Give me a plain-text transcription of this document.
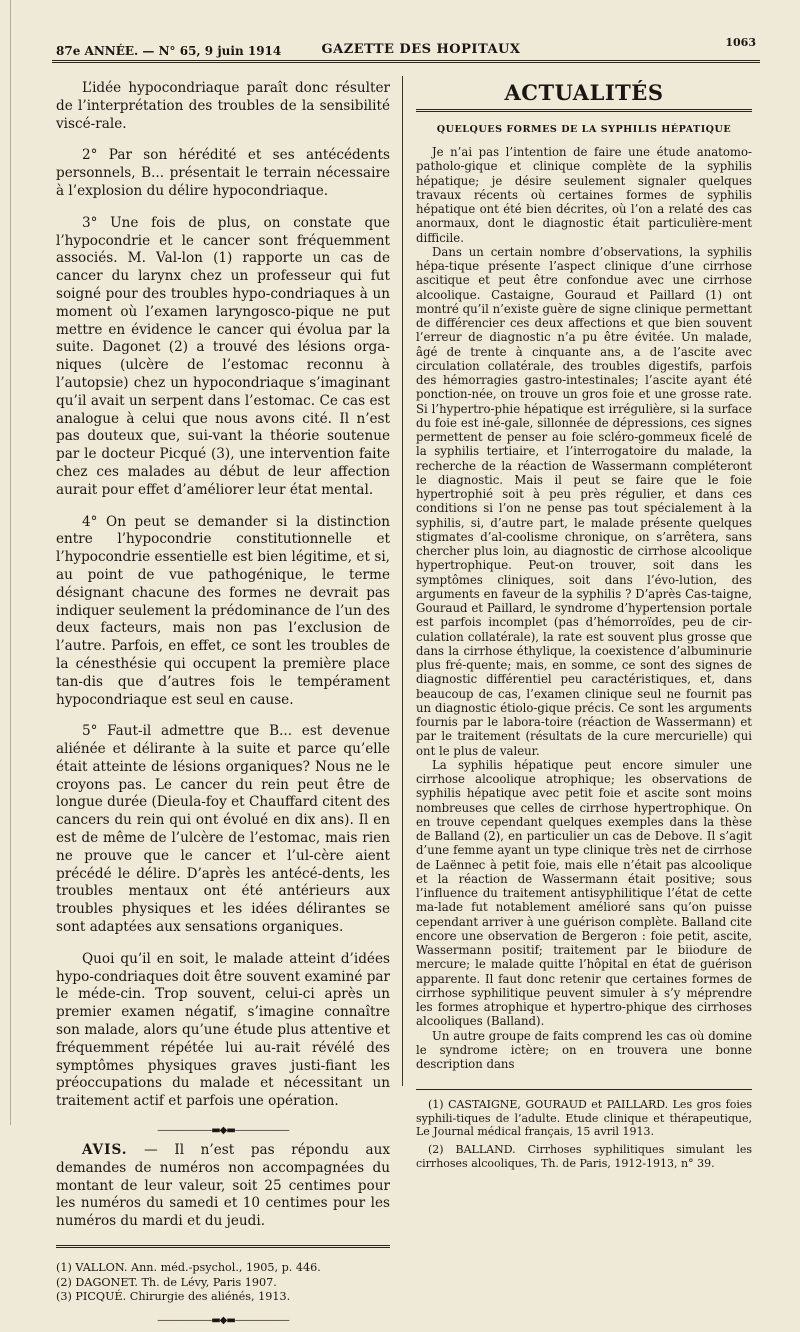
87e ANNÉE. — N° 65, 9 juin 1914	GAZETTE DES HOPITAUX	1063

L’idée hypocondriaque paraît donc résulter de l’interprétation des troubles de la sensibilité viscé-rale.

2° Par son hérédité et ses antécédents personnels, B... présentait le terrain nécessaire à l’explosion du délire hypocondriaque.

3° Une fois de plus, on constate que l’hypocondrie et le cancer sont fréquemment associés. M. Val-lon (1) rapporte un cas de cancer du larynx chez un professeur qui fut soigné pour des troubles hypo-condriaques à un moment où l’examen laryngosco-pique ne put mettre en évidence le cancer qui évolua par la suite. Dagonet (2) a trouvé des lésions orga-niques (ulcère de l’estomac reconnu à l’autopsie) chez un hypocondriaque s’imaginant qu’il avait un serpent dans l’estomac. Ce cas est analogue à celui que nous avons cité. Il n’est pas douteux que, sui-vant la théorie soutenue par le docteur Picqué (3), une intervention faite chez ces malades au début de leur affection aurait pour effet d’améliorer leur état mental.

4° On peut se demander si la distinction entre l’hypocondrie constitutionnelle et l’hypocondrie essentielle est bien légitime, et si, au point de vue pathogénique, le terme désignant chacune des formes ne devrait pas indiquer seulement la prédominance de l’un des deux facteurs, mais non pas l’exclusion de l’autre. Parfois, en effet, ce sont les troubles de la cénesthésie qui occupent la première place tan-dis que d’autres fois le tempérament hypocondriaque est seul en cause.

5° Faut-il admettre que B... est devenue aliénée et délirante à la suite et parce qu’elle était atteinte de lésions organiques? Nous ne le croyons pas. Le cancer du rein peut être de longue durée (Dieula-foy et Chauffard citent des cancers du rein qui ont évolué en dix ans). Il en est de même de l’ulcère de l’estomac, mais rien ne prouve que le cancer et l’ul-cère aient précédé le délire. D’après les antécé-dents, les troubles mentaux ont été antérieurs aux troubles physiques et les idées délirantes se sont adaptées aux sensations organiques.

Quoi qu’il en soit, le malade atteint d’idées hypo-condriaques doit être souvent examiné par le méde-cin. Trop souvent, celui-ci après un premier examen négatif, s’imagine connaître son malade, alors qu’une étude plus attentive et fréquemment répétée lui au-rait révélé des symptômes physiques graves justi-fiant les préoccupations du malade et nécessitant un traitement actif et parfois une opération.

——————▬◆▬——————

AVIS. — Il n’est pas répondu aux demandes de numéros non accompagnées du montant de leur valeur, soit 25 centimes pour les numéros du samedi et 10 centimes pour les numéros du mardi et du jeudi.

(1) VALLON. Ann. méd.-psychol., 1905, p. 446.
(2) DAGONET. Th. de Lévy, Paris 1907.
(3) PICQUÉ. Chirurgie des aliénés, 1913.
——————▬◆▬——————
ACTUALITÉS
QUELQUES FORMES DE LA SYPHILIS HÉPATIQUE

Je n’ai pas l’intention de faire une étude anatomo-patholo-gique et clinique complète de la syphilis hépatique; je désire seulement signaler quelques travaux récents où certaines formes de syphilis hépatique ont été bien décrites, où l’on a relaté des cas anormaux, dont le diagnostic était particulière-ment difficile.

Dans un certain nombre d’observations, la syphilis hépa-tique présente l’aspect clinique d’une cirrhose ascitique et peut être confondue avec une cirrhose alcoolique. Castaigne, Gouraud et Paillard (1) ont montré qu’il n’existe guère de signe clinique permettant de différencier ces deux affections et que bien souvent l’erreur de diagnostic n’a pu être évitée. Un malade, âgé de trente à cinquante ans, a de l’ascite avec circulation collatérale, des troubles digestifs, parfois des hémorragies gastro-intestinales; l’ascite ayant été ponction-née, on trouve un gros foie et une grosse rate. Si l’hypertro-phie hépatique est irrégulière, si la surface du foie est iné-gale, sillonnée de dépressions, ces signes permettent de penser au foie scléro-gommeux ficelé de la syphilis tertiaire, et l’interrogatoire du malade, la recherche de la réaction de Wassermann compléteront le diagnostic. Mais il peut se faire que le foie hypertrophié soit à peu près régulier, et dans ces conditions si l’on ne pense pas tout spécialement à la syphilis, si, d’autre part, le malade présente quelques stigmates d’al-coolisme chronique, on s’arrêtera, sans chercher plus loin, au diagnostic de cirrhose alcoolique hypertrophique. Peut-on trouver, soit dans les symptômes cliniques, soit dans l’évo-lution, des arguments en faveur de la syphilis ? D’après Cas-taigne, Gouraud et Paillard, le syndrome d’hypertension portale est parfois incomplet (pas d’hémorroïdes, peu de cir-culation collatérale), la rate est souvent plus grosse que dans la cirrhose éthylique, la coexistence d’albuminurie plus fré-quente; mais, en somme, ce sont des signes de diagnostic différentiel peu caractéristiques, et, dans beaucoup de cas, l’examen clinique seul ne fournit pas un diagnostic étiolo-gique précis. Ce sont les arguments fournis par le labora-toire (réaction de Wassermann) et par le traitement (résultats de la cure mercurielle) qui ont le plus de valeur.

La syphilis hépatique peut encore simuler une cirrhose alcoolique atrophique; les observations de syphilis hépatique avec petit foie et ascite sont moins nombreuses que celles de cirrhose hypertrophique. On en trouve cependant quelques exemples dans la thèse de Balland (2), en particulier un cas de Debove. Il s’agit d’une femme ayant un type clinique très net de cirrhose de Laënnec à petit foie, mais elle n’était pas alcoolique et la réaction de Wassermann était positive; sous l’influence du traitement antisyphilitique l’état de cette ma-lade fut notablement amélioré sans qu’on puisse cependant arriver à une guérison complète. Balland cite encore une observation de Bergeron : foie petit, ascite, Wassermann positif; traitement par le biiodure de mercure; le malade quitte l’hôpital en état de guérison apparente. Il faut donc retenir que certaines formes de cirrhose syphilitique peuvent simuler à s’y méprendre les formes atrophique et hypertro-phique des cirrhoses alcooliques (Balland).

Un autre groupe de faits comprend les cas où domine le syndrome ictère; on en trouvera une bonne description dans

(1) CASTAIGNE, GOURAUD et PAILLARD. Les gros foies syphili-tiques de l’adulte. Etude clinique et thérapeutique, Le Journal médical français, 15 avril 1913.

(2) BALLAND. Cirrhoses syphilitiques simulant les cirrhoses alcooliques, Th. de Paris, 1912-1913, n° 39.
